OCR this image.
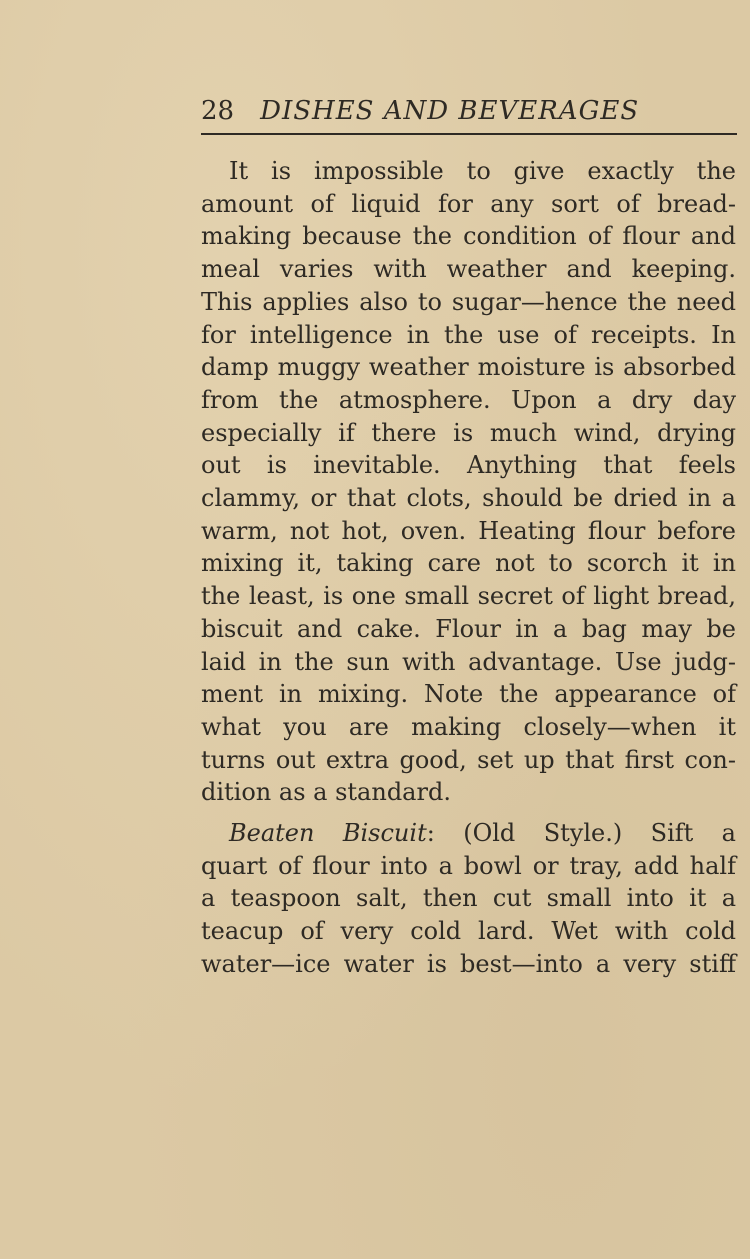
28 DISHES AND BEVERAGES
It is impossible to give exactly the
amount of liquid for any sort of bread-
making because the condition of flour and
meal varies with weather and keeping.
This applies also to sugar—hence the need
for intelligence in the use of receipts. In
damp muggy weather moisture is absorbed
from the atmosphere. Upon a dry day
especially if there is much wind, drying
out is inevitable. Anything that feels
clammy, or that clots, should be dried in a
warm, not hot, oven. Heating flour before
mixing it, taking care not to scorch it in
the least, is one small secret of light bread,
biscuit and cake. Flour in a bag may be
laid in the sun with advantage. Use judg-
ment in mixing. Note the appearance of
what you are making closely—when it
turns out extra good, set up that first con-
dition as a standard.
Beaten Biscuit: (Old Style.) Sift a
quart of flour into a bowl or tray, add half
a teaspoon salt, then cut small into it a
teacup of very cold lard. Wet with cold
water—ice water is best—into a very stiff
